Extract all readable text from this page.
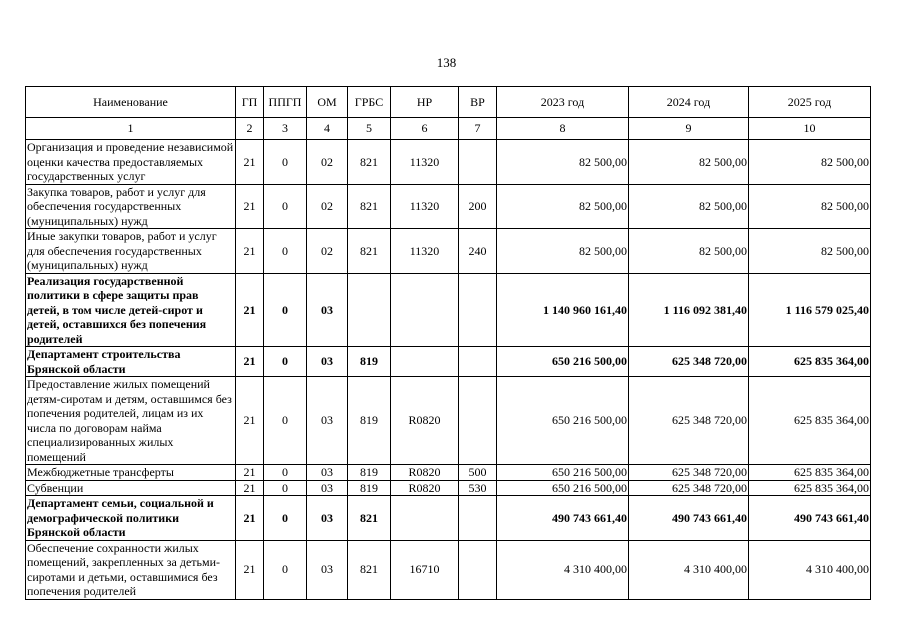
138
Наименование	ГП	ППГП	ОМ	ГРБС	НР	ВР	2023 год	2024 год	2025 год
1	2	3	4	5	6	7	8	9	10
Организация и проведение независимой оценки качества предоставляемых государственных услуг	21	0	02	821	11320		82 500,00	82 500,00	82 500,00
Закупка товаров, работ и услуг для обеспечения государственных (муниципальных) нужд	21	0	02	821	11320	200	82 500,00	82 500,00	82 500,00
Иные закупки товаров, работ и услуг для обеспечения государственных (муниципальных) нужд	21	0	02	821	11320	240	82 500,00	82 500,00	82 500,00
Реализация государственной политики в сфере защиты прав детей, в том числе детей-сирот и детей, оставшихся без попечения родителей	21	0	03				1 140 960 161,40	1 116 092 381,40	1 116 579 025,40
Департамент строительства Брянской области	21	0	03	819			650 216 500,00	625 348 720,00	625 835 364,00
Предоставление жилых помещений детям-сиротам и детям, оставшимся без попечения родителей, лицам из их числа по договорам найма специализированных жилых помещений	21	0	03	819	R0820		650 216 500,00	625 348 720,00	625 835 364,00
Межбюджетные трансферты	21	0	03	819	R0820	500	650 216 500,00	625 348 720,00	625 835 364,00
Субвенции	21	0	03	819	R0820	530	650 216 500,00	625 348 720,00	625 835 364,00
Департамент семьи, социальной и демографической политики Брянской области	21	0	03	821			490 743 661,40	490 743 661,40	490 743 661,40
Обеспечение сохранности жилых помещений, закрепленных за детьми-сиротами и детьми, оставшимися без попечения родителей	21	0	03	821	16710		4 310 400,00	4 310 400,00	4 310 400,00
